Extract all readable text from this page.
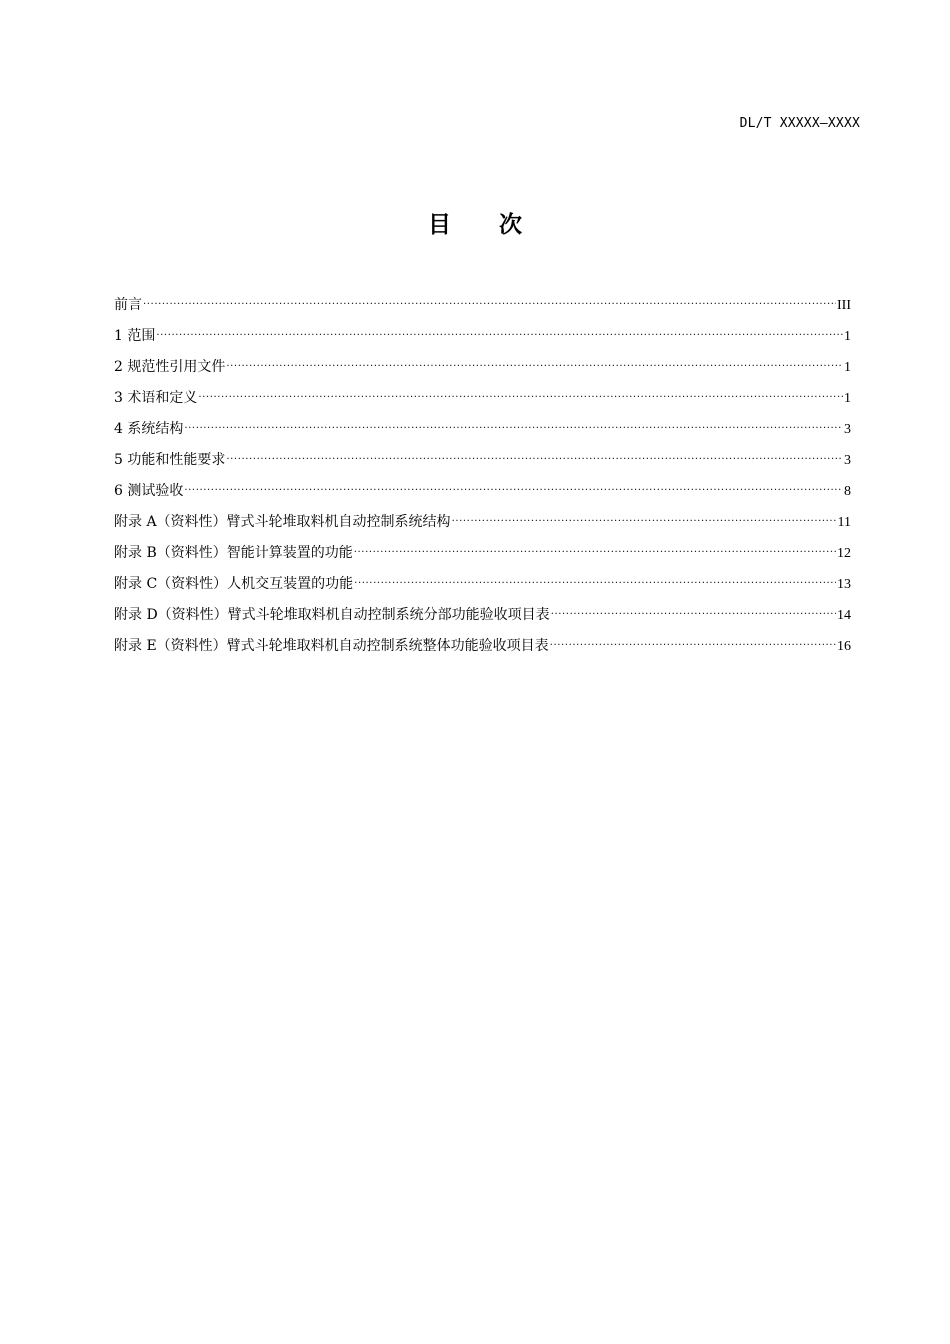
DL/T XXXXX—XXXX
目 次
前言 .....	III
1 范围 .....	1
2 规范性引用文件 .....	1
3 术语和定义 .....	1
4 系统结构 .....	3
5 功能和性能要求 .....	3
6 测试验收 .....	8
附录 A（资料性）臂式斗轮堆取料机自动控制系统结构 .....	11
附录 B（资料性）智能计算装置的功能 .....	12
附录 C（资料性）人机交互装置的功能 .....	13
附录 D（资料性）臂式斗轮堆取料机自动控制系统分部功能验收项目表 .....	14
附录 E（资料性）臂式斗轮堆取料机自动控制系统整体功能验收项目表 .....	16
